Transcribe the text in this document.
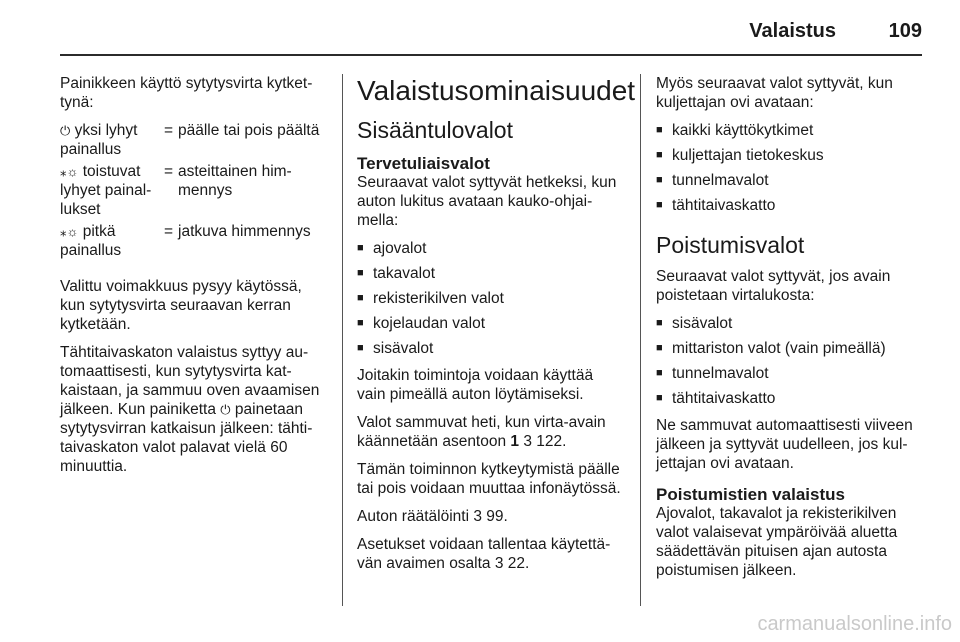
Valaistus	109

Painikkeen käyttö sytytysvirta kytket-tynä:

⏻ yksi lyhyt painallus
= päälle tai pois päältä
⁎☼ toistuvat lyhyet painal-lukset
= asteittainen him-mennys
⁎☼ pitkä painallus
= jatkuva himmennys

Valittu voimakkuus pysyy käytössä, kun sytytysvirta seuraavan kerran kytketään.

Tähtitaivaskaton valaistus syttyy au-tomaattisesti, kun sytytysvirta kat-kaistaan, ja sammuu oven avaamisen jälkeen. Kun painiketta ⏻ painetaan sytytysvirran katkaisun jälkeen: tähti-taivaskaton valot palavat vielä 60 minuuttia.

Valaistusominaisuudet
Sisääntulovalot
Tervetuliaisvalot

Seuraavat valot syttyvät hetkeksi, kun auton lukitus avataan kauko-ohjai-mella:

■ ajovalot
■ takavalot
■ rekisterikilven valot
■ kojelaudan valot
■ sisävalot

Joitakin toimintoja voidaan käyttää vain pimeällä auton löytämiseksi.

Valot sammuvat heti, kun virta-avain käännetään asentoon 1 3 122.

Tämän toiminnon kytkeytymistä päälle tai pois voidaan muuttaa infonäytössä.

Auton räätälöinti 3 99.

Asetukset voidaan tallentaa käytettä-vän avaimen osalta 3 22.

Myös seuraavat valot syttyvät, kun kuljettajan ovi avataan:

■ kaikki käyttökytkimet
■ kuljettajan tietokeskus
■ tunnelmavalot
■ tähtitaivaskatto
Poistumisvalot

Seuraavat valot syttyvät, jos avain poistetaan virtalukosta:

■ sisävalot
■ mittariston valot (vain pimeällä)
■ tunnelmavalot
■ tähtitaivaskatto

Ne sammuvat automaattisesti viiveen jälkeen ja syttyvät uudelleen, jos kul-jettajan ovi avataan.

Poistumistien valaistus

Ajovalot, takavalot ja rekisterikilven valot valaisevat ympäröivää aluetta säädettävän pituisen ajan autosta poistumisen jälkeen.

carmanualsonline.info
